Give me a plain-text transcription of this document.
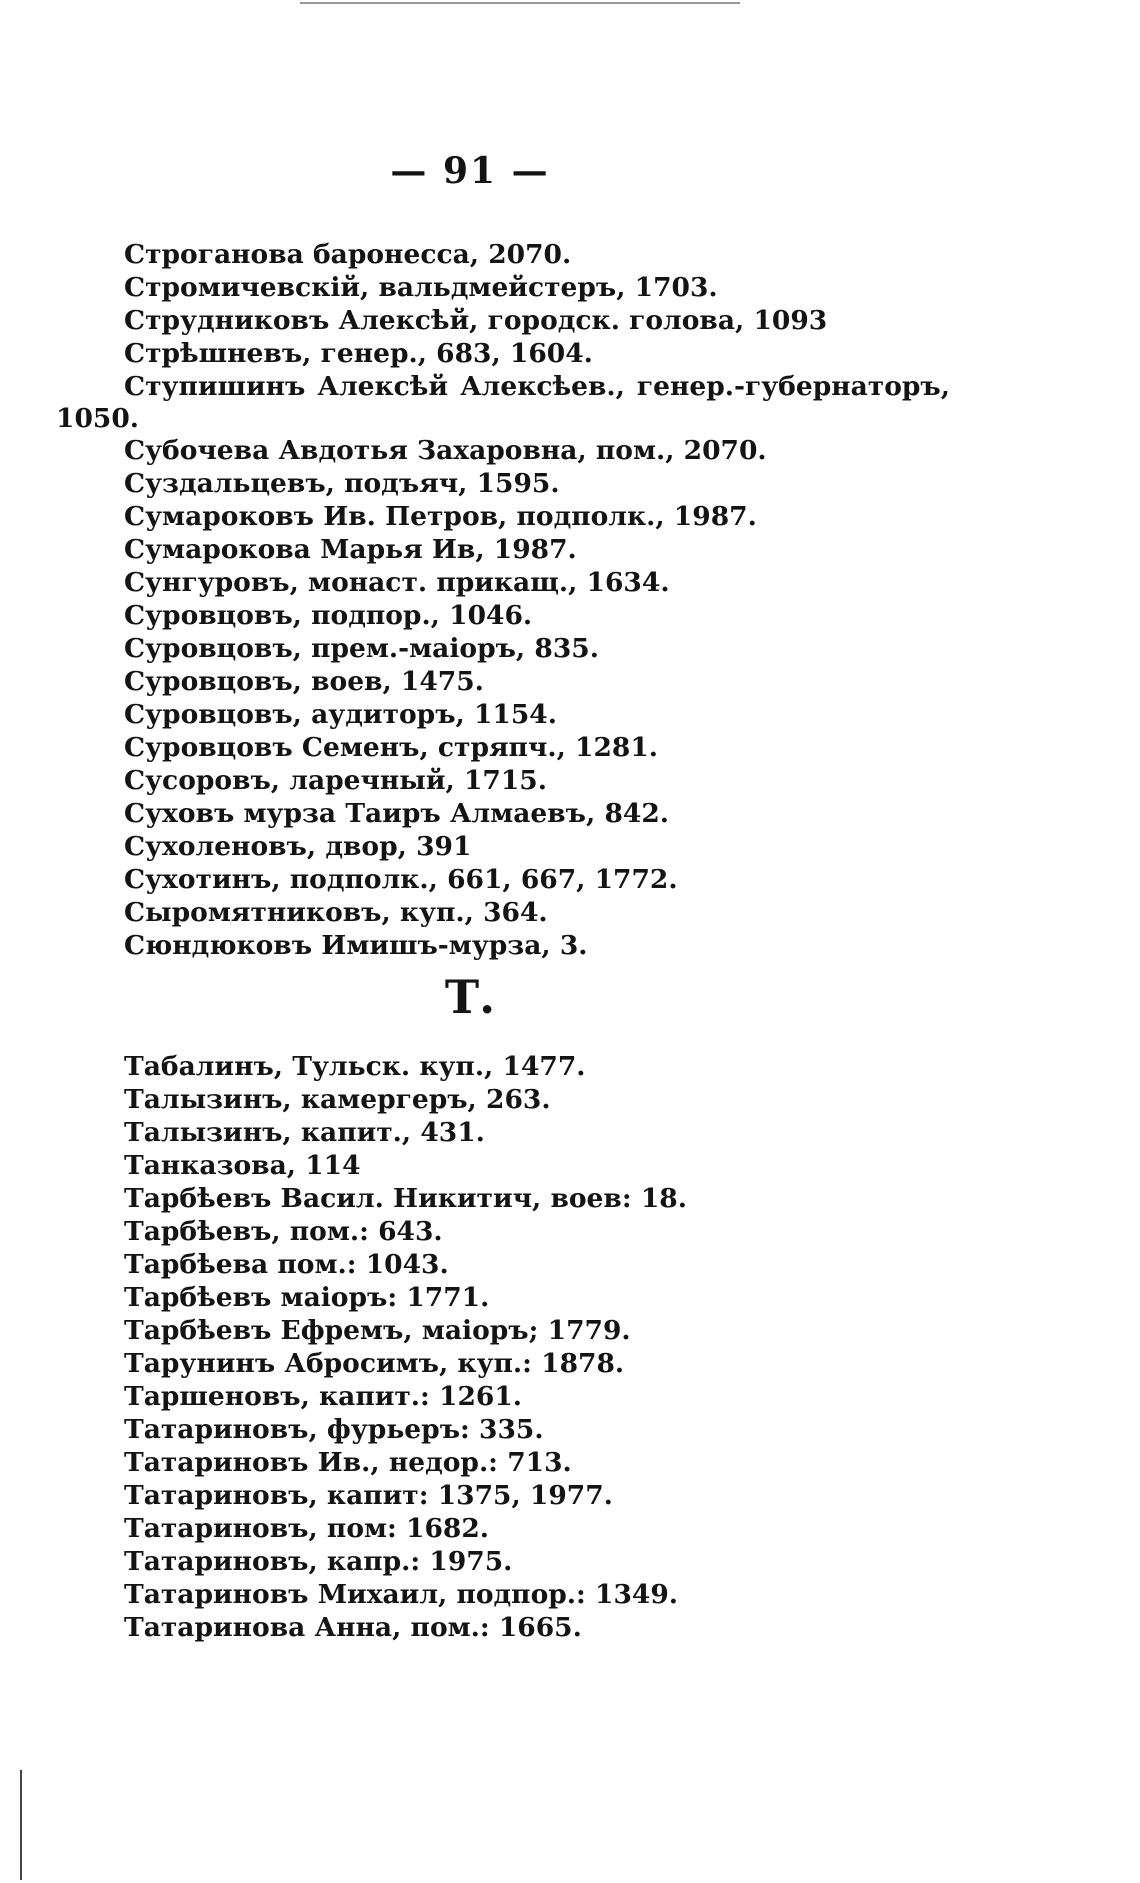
— 91 —
Строганова баронесса, 2070.
Стромичевскій, вальдмейстеръ, 1703.
Струдниковъ Алексѣй, городск. голова, 1093
Стрѣшневъ, генер., 683, 1604.
Ступишинъ Алексѣй Алексѣев., генер.-губернаторъ,
1050.
Субочева Авдотья Захаровна, пом., 2070.
Суздальцевъ, подъяч, 1595.
Сумароковъ Ив. Петров, подполк., 1987.
Сумарокова Марья Ив, 1987.
Сунгуровъ, монаст. прикащ., 1634.
Суровцовъ, подпор., 1046.
Суровцовъ, прем.-маіоръ, 835.
Суровцовъ, воев, 1475.
Суровцовъ, аудиторъ, 1154.
Суровцовъ Семенъ, стряпч., 1281.
Сусоровъ, ларечный, 1715.
Суховъ мурза Таиръ Алмаевъ, 842.
Сухоленовъ, двор, 391
Сухотинъ, подполк., 661, 667, 1772.
Сыромятниковъ, куп., 364.
Сюндюковъ Имишъ-мурза, 3.
Т.
Табалинъ, Тульск. куп., 1477.
Талызинъ, камергеръ, 263.
Талызинъ, капит., 431.
Танказова, 114
Тарбѣевъ Васил. Никитич, воев: 18.
Тарбѣевъ, пом.: 643.
Тарбѣева пом.: 1043.
Тарбѣевъ маіоръ: 1771.
Тарбѣевъ Ефремъ, маіоръ; 1779.
Тарунинъ Абросимъ, куп.: 1878.
Таршеновъ, капит.: 1261.
Татариновъ, фурьеръ: 335.
Татариновъ Ив., недор.: 713.
Татариновъ, капит: 1375, 1977.
Татариновъ, пом: 1682.
Татариновъ, капр.: 1975.
Татариновъ Михаил, подпор.: 1349.
Татаринова Анна, пом.: 1665.
